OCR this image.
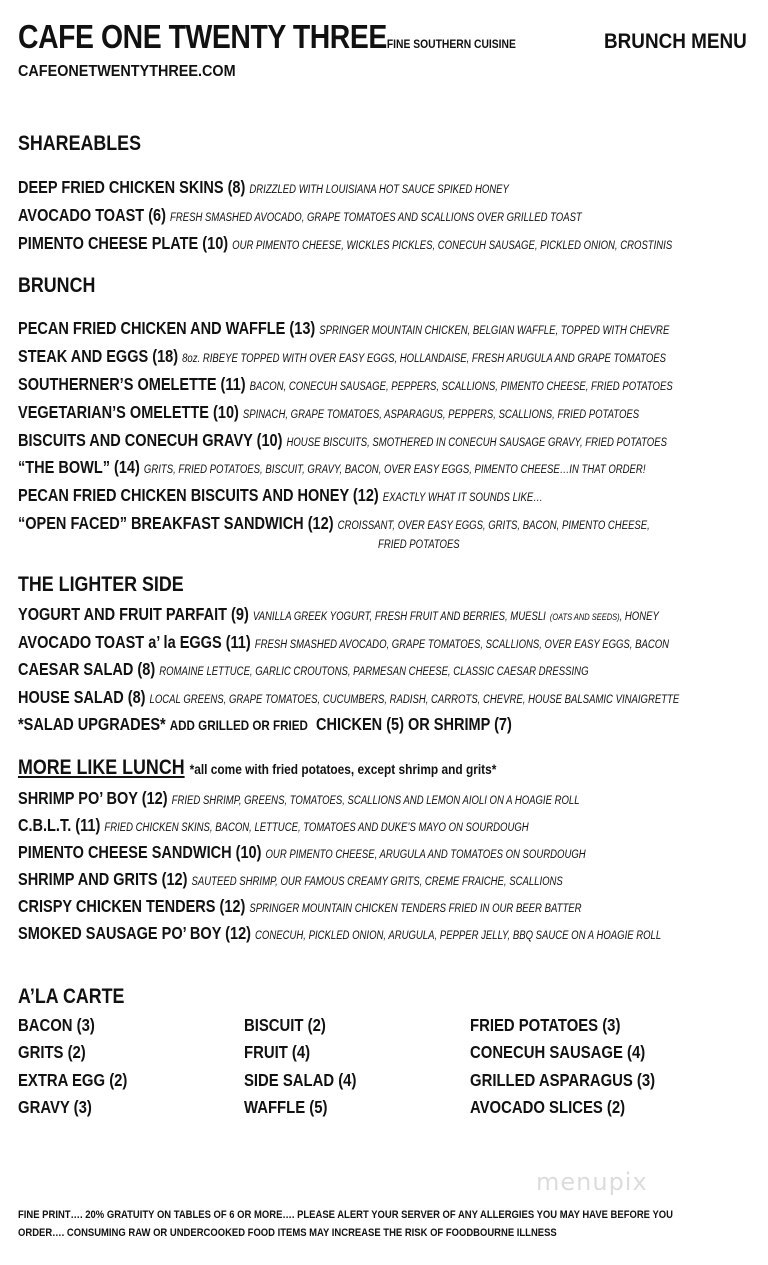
CAFE ONE TWENTY THREEFINE SOUTHERN CUISINE	BRUNCH MENU
CAFEONETWENTYTHREE.COM
SHAREABLES
DEEP FRIED CHICKEN SKINS (8) DRIZZLED WITH LOUISIANA HOT SAUCE SPIKED HONEY
AVOCADO TOAST (6) FRESH SMASHED AVOCADO, GRAPE TOMATOES AND SCALLIONS OVER GRILLED TOAST
PIMENTO CHEESE PLATE (10) OUR PIMENTO CHEESE, WICKLES PICKLES, CONECUH SAUSAGE, PICKLED ONION, CROSTINIS
BRUNCH
PECAN FRIED CHICKEN AND WAFFLE (13) SPRINGER MOUNTAIN CHICKEN, BELGIAN WAFFLE, TOPPED WITH CHEVRE
STEAK AND EGGS (18) 8oz. RIBEYE TOPPED WITH OVER EASY EGGS, HOLLANDAISE, FRESH ARUGULA AND GRAPE TOMATOES
SOUTHERNER’S OMELETTE (11) BACON, CONECUH SAUSAGE, PEPPERS, SCALLIONS, PIMENTO CHEESE, FRIED POTATOES
VEGETARIAN’S OMELETTE (10) SPINACH, GRAPE TOMATOES, ASPARAGUS, PEPPERS, SCALLIONS, FRIED POTATOES
BISCUITS AND CONECUH GRAVY (10) HOUSE BISCUITS, SMOTHERED IN CONECUH SAUSAGE GRAVY, FRIED POTATOES
“THE BOWL” (14) GRITS, FRIED POTATOES, BISCUIT, GRAVY, BACON, OVER EASY EGGS, PIMENTO CHEESE…IN THAT ORDER!
PECAN FRIED CHICKEN BISCUITS AND HONEY (12) EXACTLY WHAT IT SOUNDS LIKE…
“OPEN FACED” BREAKFAST SANDWICH (12) CROISSANT, OVER EASY EGGS, GRITS, BACON, PIMENTO CHEESE,
FRIED POTATOES
THE LIGHTER SIDE
YOGURT AND FRUIT PARFAIT (9) VANILLA GREEK YOGURT, FRESH FRUIT AND BERRIES, MUESLI (OATS AND SEEDS), HONEY
AVOCADO TOAST a’ la EGGS (11) FRESH SMASHED AVOCADO, GRAPE TOMATOES, SCALLIONS, OVER EASY EGGS, BACON
CAESAR SALAD (8) ROMAINE LETTUCE, GARLIC CROUTONS, PARMESAN CHEESE, CLASSIC CAESAR DRESSING
HOUSE SALAD (8) LOCAL GREENS, GRAPE TOMATOES, CUCUMBERS, RADISH, CARROTS, CHEVRE, HOUSE BALSAMIC VINAIGRETTE
*SALAD UPGRADES* ADD GRILLED OR FRIED CHICKEN (5) OR SHRIMP (7)
MORE LIKE LUNCH *all come with fried potatoes, except shrimp and grits*
SHRIMP PO’ BOY (12) FRIED SHRIMP, GREENS, TOMATOES, SCALLIONS AND LEMON AIOLI ON A HOAGIE ROLL
C.B.L.T. (11) FRIED CHICKEN SKINS, BACON, LETTUCE, TOMATOES AND DUKE’S MAYO ON SOURDOUGH
PIMENTO CHEESE SANDWICH (10) OUR PIMENTO CHEESE, ARUGULA AND TOMATOES ON SOURDOUGH
SHRIMP AND GRITS (12) SAUTEED SHRIMP, OUR FAMOUS CREAMY GRITS, CREME FRAICHE, SCALLIONS
CRISPY CHICKEN TENDERS (12) SPRINGER MOUNTAIN CHICKEN TENDERS FRIED IN OUR BEER BATTER
SMOKED SAUSAGE PO’ BOY (12) CONECUH, PICKLED ONION, ARUGULA, PEPPER JELLY, BBQ SAUCE ON A HOAGIE ROLL
A’LA CARTE
BACON (3)
GRITS (2)
EXTRA EGG (2)
GRAVY (3)
BISCUIT (2)
FRUIT (4)
SIDE SALAD (4)
WAFFLE (5)
FRIED POTATOES (3)
CONECUH SAUSAGE (4)
GRILLED ASPARAGUS (3)
AVOCADO SLICES (2)
menupix
FINE PRINT…. 20% GRATUITY ON TABLES OF 6 OR MORE…. PLEASE ALERT YOUR SERVER OF ANY ALLERGIES YOU MAY HAVE BEFORE YOU
ORDER…. CONSUMING RAW OR UNDERCOOKED FOOD ITEMS MAY INCREASE THE RISK OF FOODBOURNE ILLNESS
